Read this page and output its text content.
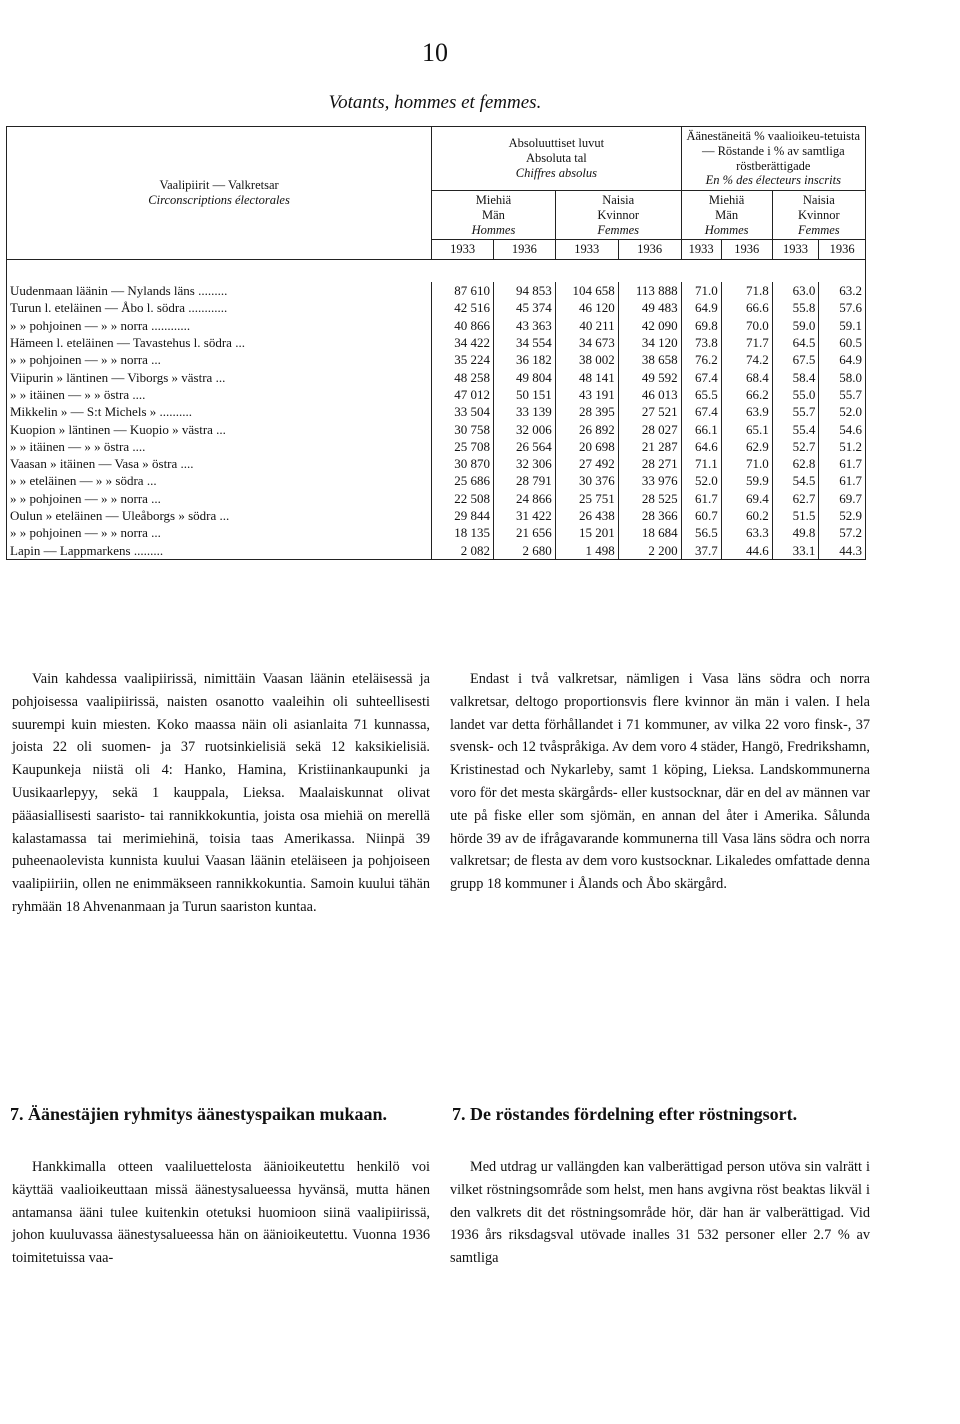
10
Votants, hommes et femmes.
Vaalipiirit — Valkretsar
Circonscriptions électorales	Absoluuttiset luvut
Absoluta tal
Chiffres absolus				Äänestäneitä % vaalioikeu-tetuista — Röstande i % av samtliga röstberättigade
En % des électeurs inscrits			

	Miehiä
Män
Hommes		Naisia
Kvinnor
Femmes		Miehiä
Män
Hommes		Naisia
Kvinnor
Femmes	

	1933	1936	1933	1936	1933	1936	1933	1936

Uudenmaan läänin — Nylands läns .........	87 610	94 853	104 658	113 888	71.0	71.8	63.0	63.2
Turun l. eteläinen — Åbo l. södra ............	42 516	45 374	46 120	49 483	64.9	66.6	55.8	57.6
» » pohjoinen — » » norra ............	40 866	43 363	40 211	42 090	69.8	70.0	59.0	59.1
Hämeen l. eteläinen — Tavastehus l. södra ...	34 422	34 554	34 673	34 120	73.8	71.7	64.5	60.5
» » pohjoinen — » » norra ...	35 224	36 182	38 002	38 658	76.2	74.2	67.5	64.9
Viipurin » läntinen — Viborgs » västra ...	48 258	49 804	48 141	49 592	67.4	68.4	58.4	58.0
» » itäinen — » » östra ....	47 012	50 151	43 191	46 013	65.5	66.2	55.0	55.7
Mikkelin » — S:t Michels » ..........	33 504	33 139	28 395	27 521	67.4	63.9	55.7	52.0
Kuopion » läntinen — Kuopio » västra ...	30 758	32 006	26 892	28 027	66.1	65.1	55.4	54.6
» » itäinen — » » östra ....	25 708	26 564	20 698	21 287	64.6	62.9	52.7	51.2
Vaasan » itäinen — Vasa » östra ....	30 870	32 306	27 492	28 271	71.1	71.0	62.8	61.7
» » eteläinen — » » södra ...	25 686	28 791	30 376	33 976	52.0	59.9	54.5	61.7
» » pohjoinen — » » norra ...	22 508	24 866	25 751	28 525	61.7	69.4	62.7	69.7
Oulun » eteläinen — Uleåborgs » södra ...	29 844	31 422	26 438	28 366	60.7	60.2	51.5	52.9
» » pohjoinen — » » norra ...	18 135	21 656	15 201	18 684	56.5	63.3	49.8	57.2
Lapin — Lappmarkens .........	2 082	2 680	1 498	2 200	37.7	44.6	33.1	44.3

Vain kahdessa vaalipiirissä, nimittäin Vaasan läänin eteläisessä ja pohjoisessa vaalipiirissä, naisten osanotto vaaleihin oli suhteellisesti suurempi kuin miesten. Koko maassa näin oli asianlaita 71 kunnassa, joista 22 oli suomen- ja 37 ruotsinkielisiä sekä 12 kaksikielisiä. Kaupunkeja niistä oli 4: Hanko, Hamina, Kristiinankaupunki ja Uusikaarlepyy, sekä 1 kauppala, Lieksa. Maalaiskunnat olivat pääasiallisesti saaristo- tai rannikkokuntia, joista osa miehiä on merellä kalastamassa tai merimiehinä, toisia taas Amerikassa. Niinpä 39 puheenaolevista kunnista kuului Vaasan läänin eteläiseen ja pohjoiseen vaalipiiriin, ollen ne enimmäkseen rannikkokuntia. Samoin kuului tähän ryhmään 18 Ahvenanmaan ja Turun saariston kuntaa.

Endast i två valkretsar, nämligen i Vasa läns södra och norra valkretsar, deltogo proportionsvis flere kvinnor än män i valen. I hela landet var detta förhållandet i 71 kommuner, av vilka 22 voro finsk-, 37 svensk- och 12 tvåspråkiga. Av dem voro 4 städer, Hangö, Fredrikshamn, Kristinestad och Nykarleby, samt 1 köping, Lieksa. Landskommunerna voro för det mesta skärgårds- eller kustsocknar, där en del av männen var ute på fiske eller som sjömän, en annan del åter i Amerika. Sålunda hörde 39 av de ifrågavarande kommunerna till Vasa läns södra och norra valkretsar; de flesta av dem voro kustsocknar. Likaledes omfattade denna grupp 18 kommuner i Ålands och Åbo skärgård.

7. Äänestäjien ryhmitys äänestyspaikan mukaan.	7. De röstandes fördelning efter röstningsort.

Hankkimalla otteen vaaliluettelosta äänioikeutettu henkilö voi käyttää vaalioikeuttaan missä äänestysalueessa hyvänsä, mutta hänen antamansa ääni tulee kuitenkin otetuksi huomioon siinä vaalipiirissä, johon kuuluvassa äänestysalueessa hän on äänioikeutettu. Vuonna 1936 toimitetuissa vaa-

Med utdrag ur vallängden kan valberättigad person utöva sin valrätt i vilket röstningsområde som helst, men hans avgivna röst beaktas likväl i den valkrets dit det röstningsområde hör, där han är valberättigad. Vid 1936 års riksdagsval utövade inalles 31 532 personer eller 2.7 % av samtliga
